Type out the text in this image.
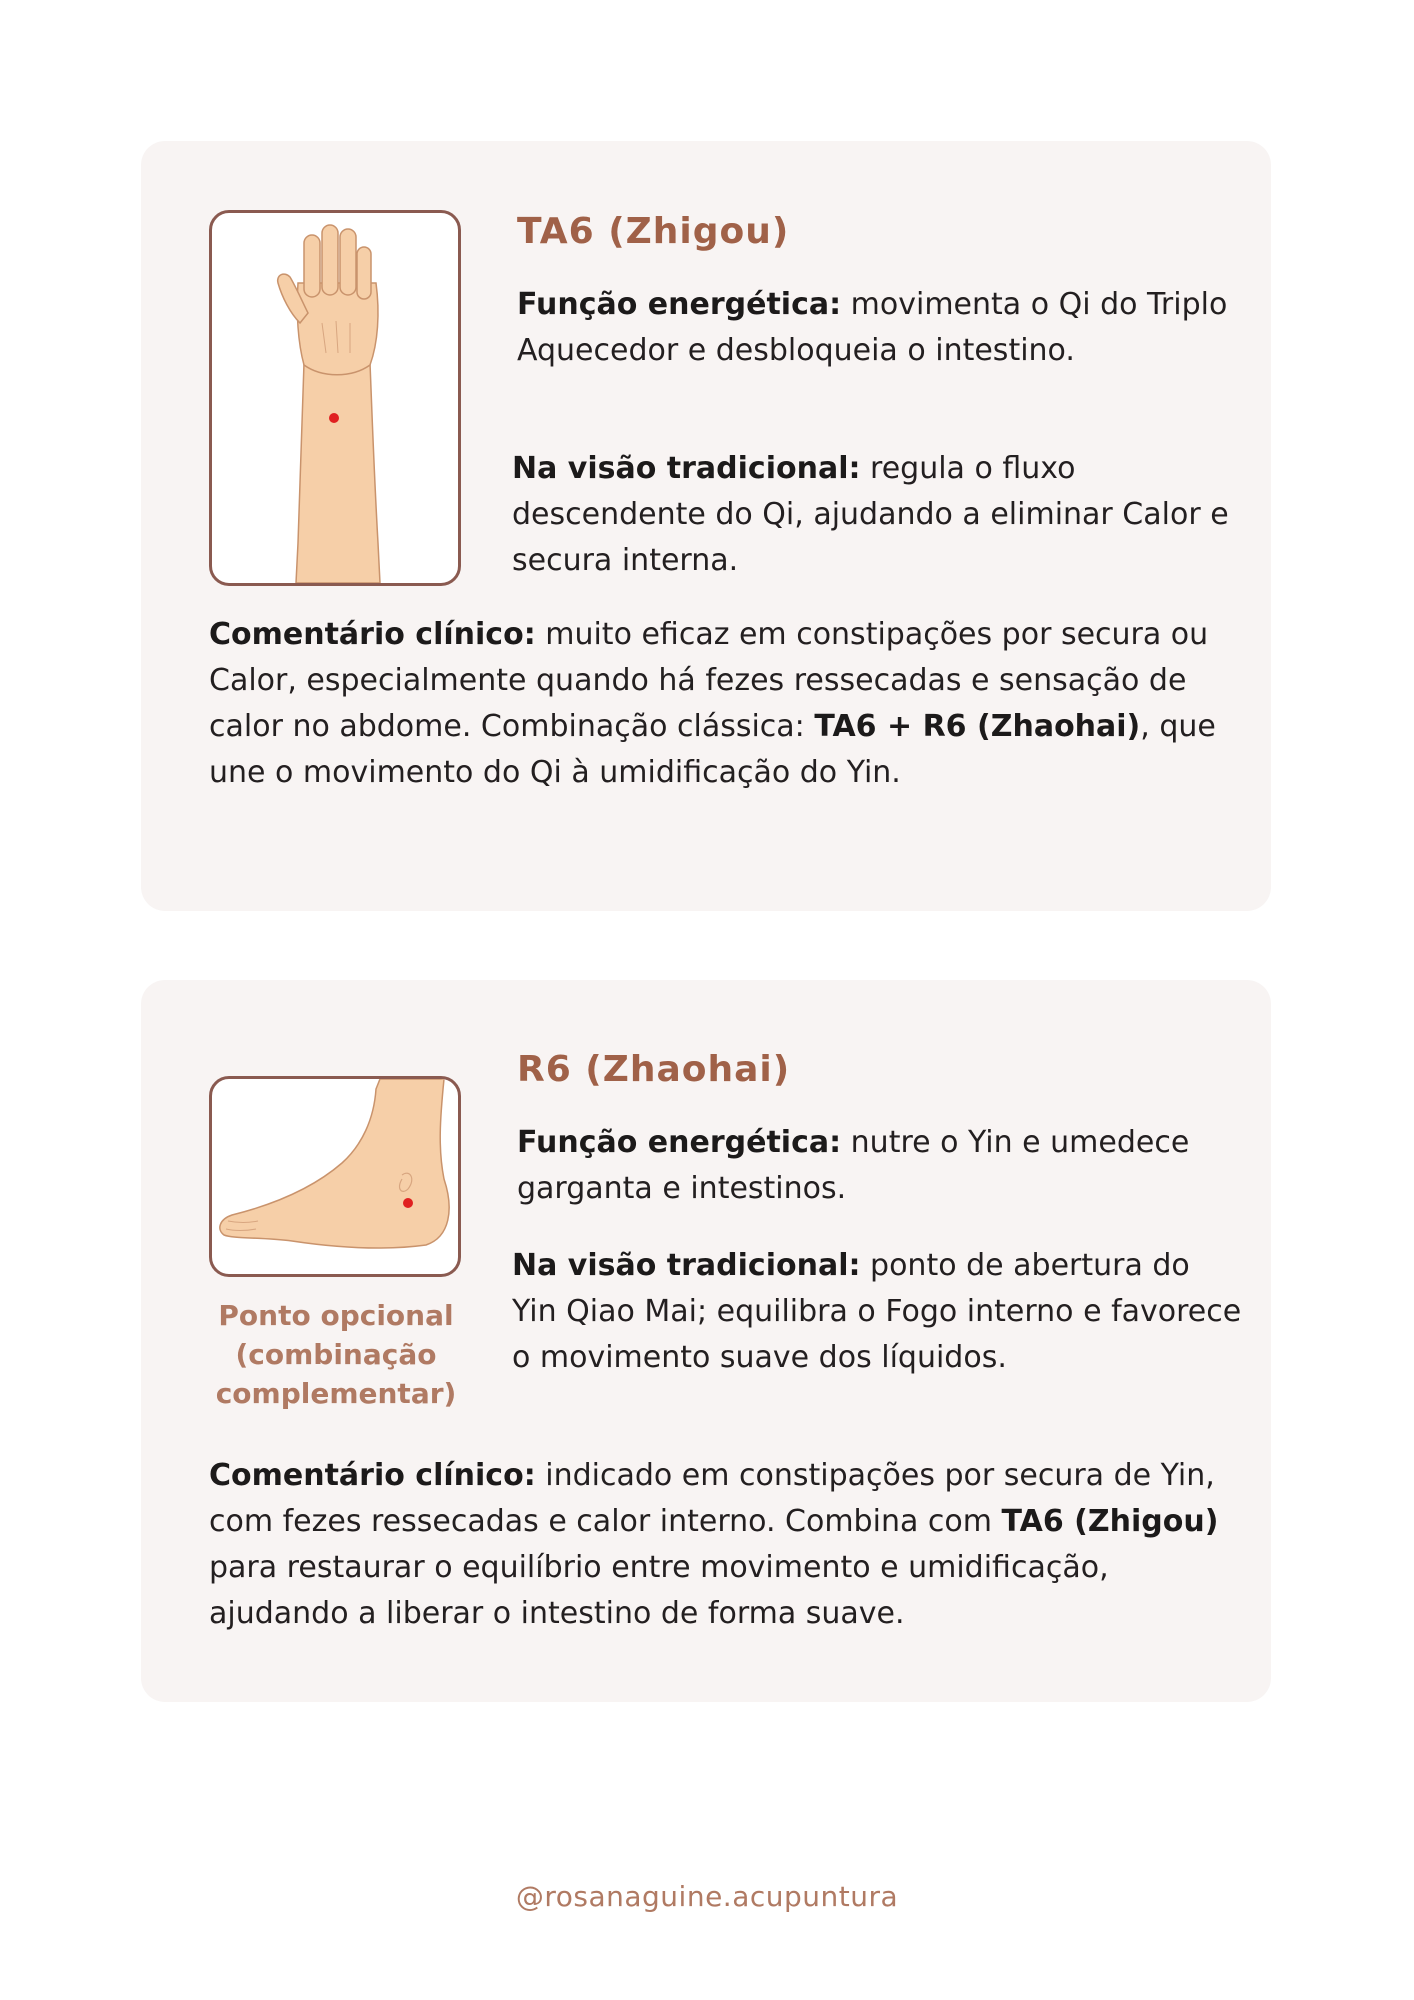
TA6 (Zhigou)

Função energética: movimenta o Qi do Triplo Aquecedor e desbloqueia o intestino.

Na visão tradicional: regula o fluxo descendente do Qi, ajudando a eliminar Calor e secura interna.

Comentário clínico: muito eficaz em constipações por secura ou Calor, especialmente quando há fezes ressecadas e sensação de calor no abdome. Combinação clássica: TA6 + R6 (Zhaohai), que une o movimento do Qi à umidificação do Yin.

Ponto opcional (combinação complementar)
R6 (Zhaohai)

Função energética: nutre o Yin e umedece garganta e intestinos.

Na visão tradicional: ponto de abertura do Yin Qiao Mai; equilibra o Fogo interno e favorece o movimento suave dos líquidos.

Comentário clínico: indicado em constipações por secura de Yin, com fezes ressecadas e calor interno. Combina com TA6 (Zhigou) para restaurar o equilíbrio entre movimento e umidificação, ajudando a liberar o intestino de forma suave.

@rosanaguine.acupuntura
